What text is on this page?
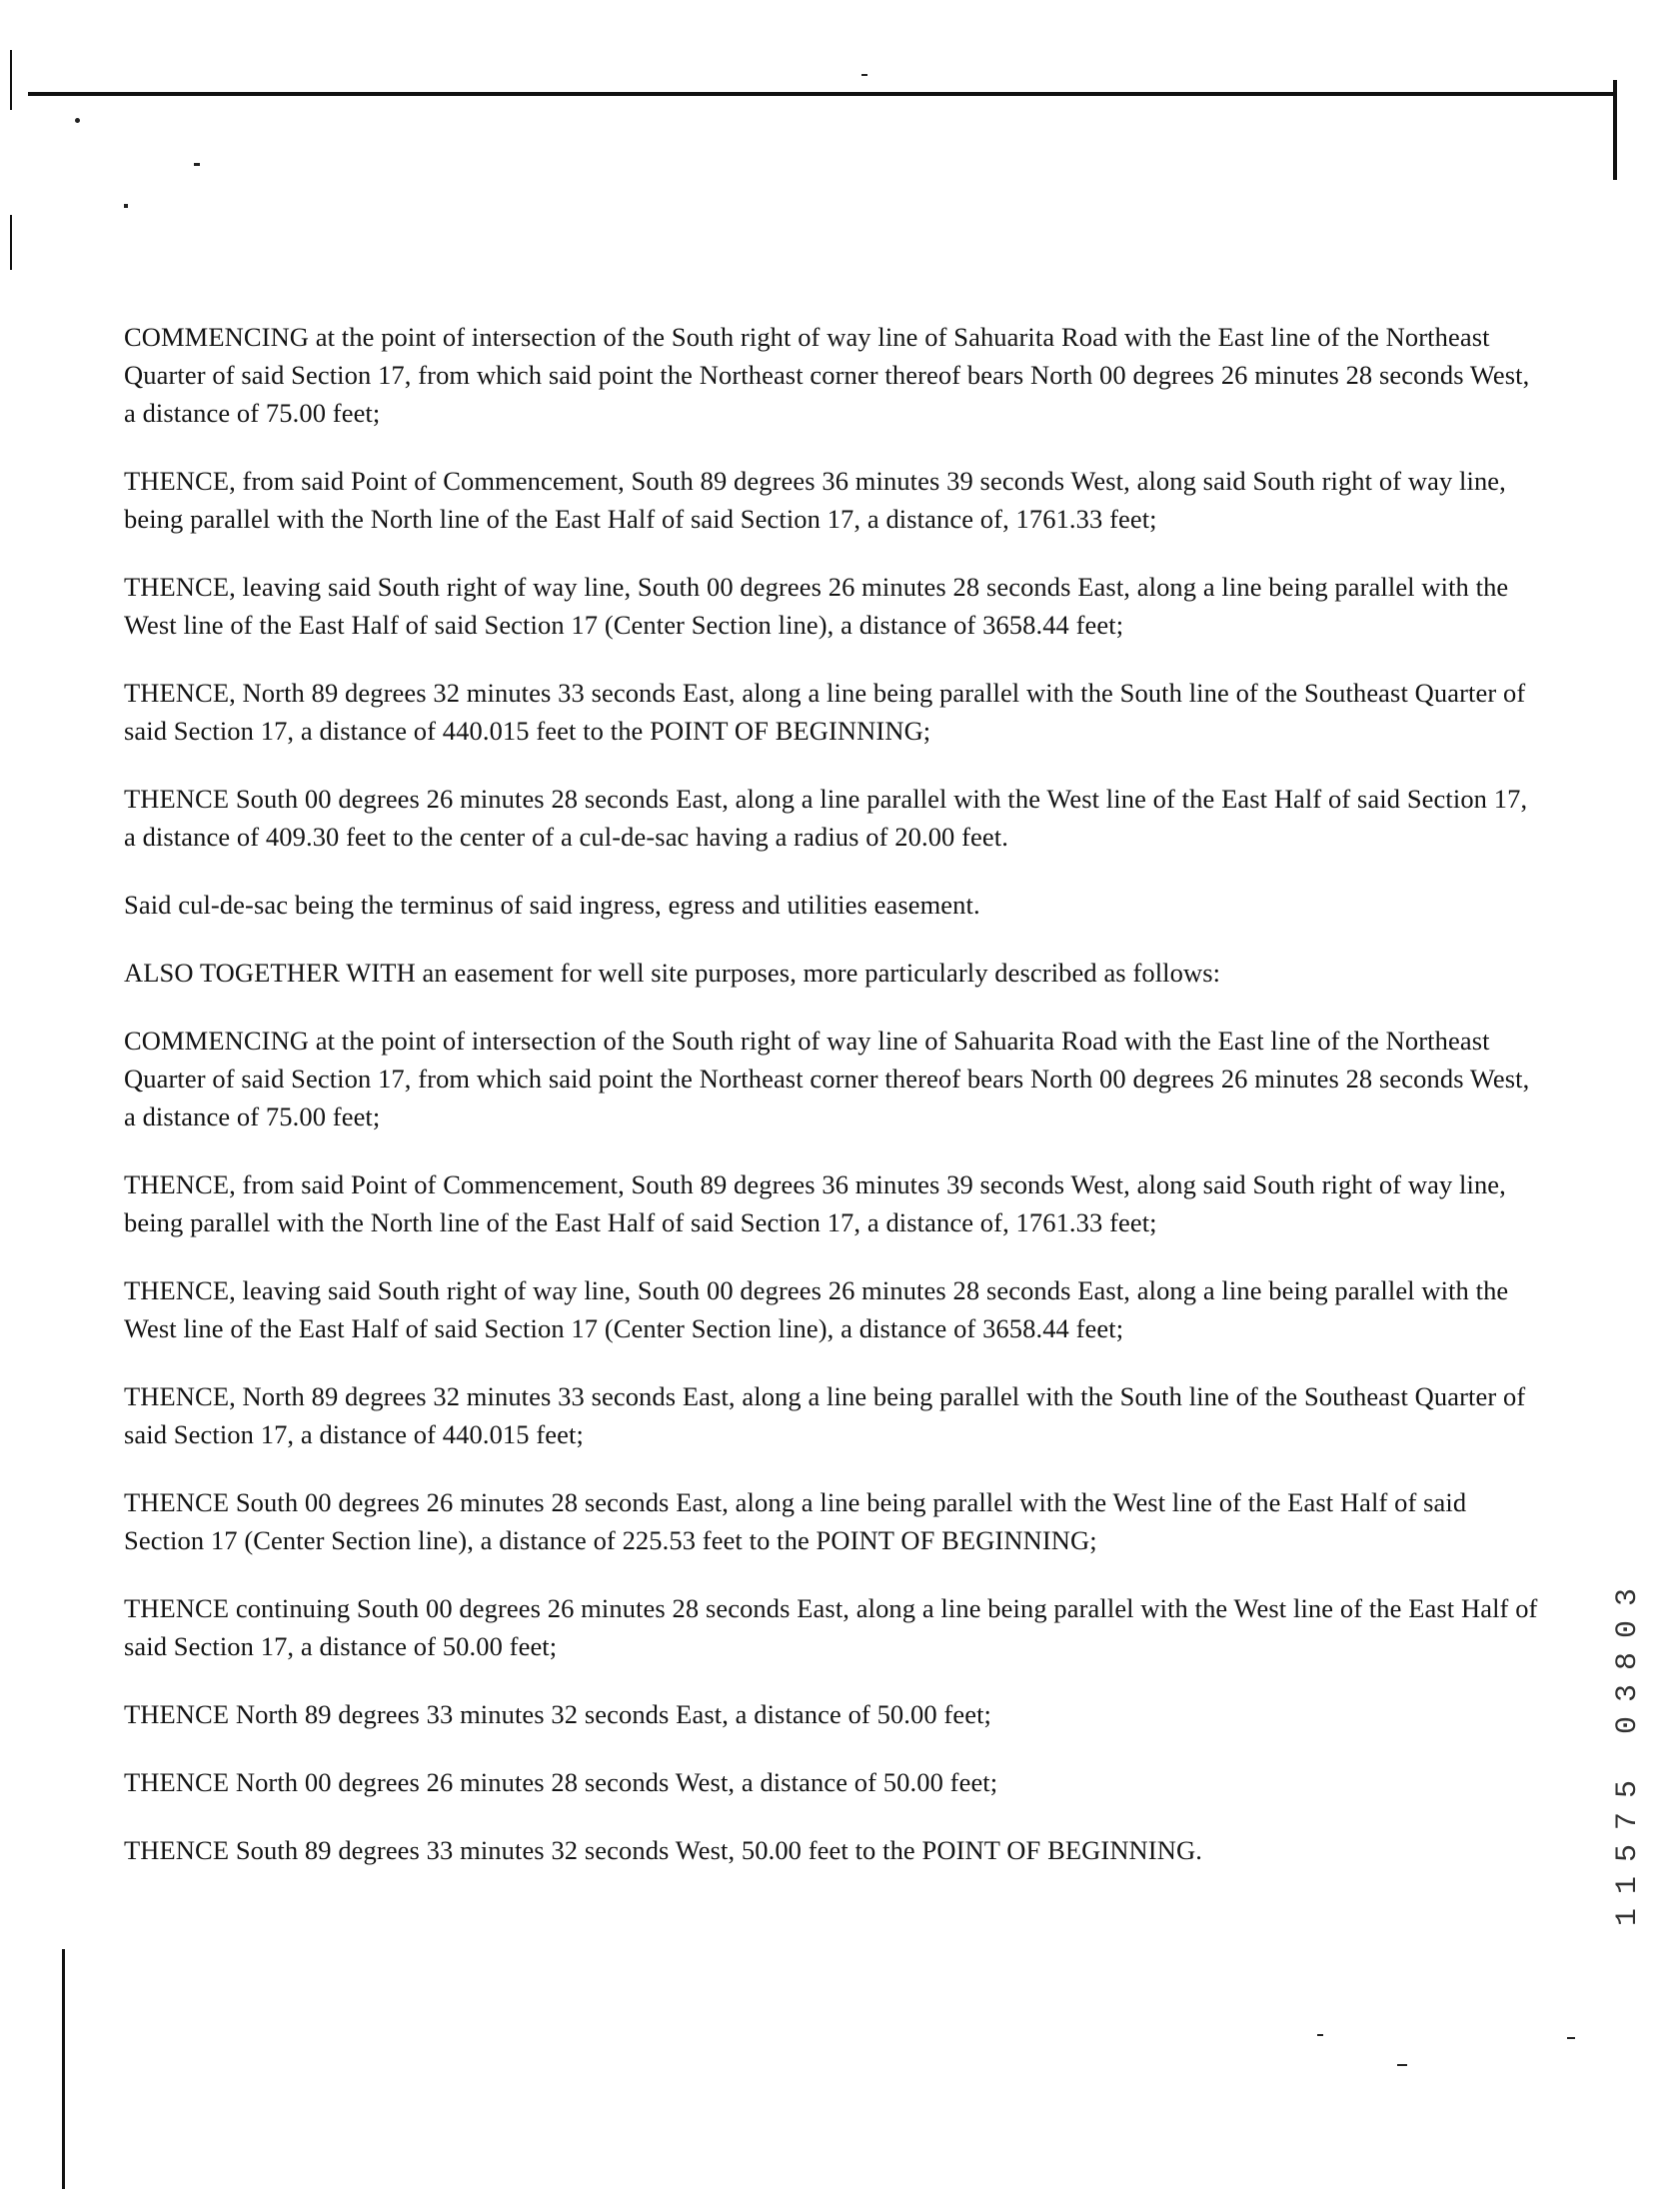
COMMENCING at the point of intersection of the South right of way line of Sahuarita Road with the East line of the Northeast Quarter of said Section 17, from which said point the Northeast corner thereof bears North 00 degrees 26 minutes 28 seconds West, a distance of 75.00 feet;

THENCE, from said Point of Commencement, South 89 degrees 36 minutes 39 seconds West, along said South right of way line, being parallel with the North line of the East Half of said Section 17, a distance of, 1761.33 feet;

THENCE, leaving said South right of way line, South 00 degrees 26 minutes 28 seconds East, along a line being parallel with the West line of the East Half of said Section 17 (Center Section line), a distance of 3658.44 feet;

THENCE, North 89 degrees 32 minutes 33 seconds East, along a line being parallel with the South line of the Southeast Quarter of said Section 17, a distance of 440.015 feet to the POINT OF BEGINNING;

THENCE South 00 degrees 26 minutes 28 seconds East, along a line parallel with the West line of the East Half of said Section 17, a distance of 409.30 feet to the center of a cul-de-sac having a radius of 20.00 feet.

Said cul-de-sac being the terminus of said ingress, egress and utilities easement.

ALSO TOGETHER WITH an easement for well site purposes, more particularly described as follows:

COMMENCING at the point of intersection of the South right of way line of Sahuarita Road with the East line of the Northeast Quarter of said Section 17, from which said point the Northeast corner thereof bears North 00 degrees 26 minutes 28 seconds West, a distance of 75.00 feet;

THENCE, from said Point of Commencement, South 89 degrees 36 minutes 39 seconds West, along said South right of way line, being parallel with the North line of the East Half of said Section 17, a distance of, 1761.33 feet;

THENCE, leaving said South right of way line, South 00 degrees 26 minutes 28 seconds East, along a line being parallel with the West line of the East Half of said Section 17 (Center Section line), a distance of 3658.44 feet;

THENCE, North 89 degrees 32 minutes 33 seconds East, along a line being parallel with the South line of the Southeast Quarter of said Section 17, a distance of 440.015 feet;

THENCE South 00 degrees 26 minutes 28 seconds East, along a line being parallel with the West line of the East Half of said Section 17 (Center Section line), a distance of 225.53 feet to the POINT OF BEGINNING;

THENCE continuing South 00 degrees 26 minutes 28 seconds East, along a line being parallel with the West line of the East Half of said Section 17, a distance of 50.00 feet;

THENCE North 89 degrees 33 minutes 32 seconds East, a distance of 50.00 feet;

THENCE North 00 degrees 26 minutes 28 seconds West, a distance of 50.00 feet;

THENCE South 89 degrees 33 minutes 32 seconds West, 50.00 feet to the POINT OF BEGINNING.	11575 03803
